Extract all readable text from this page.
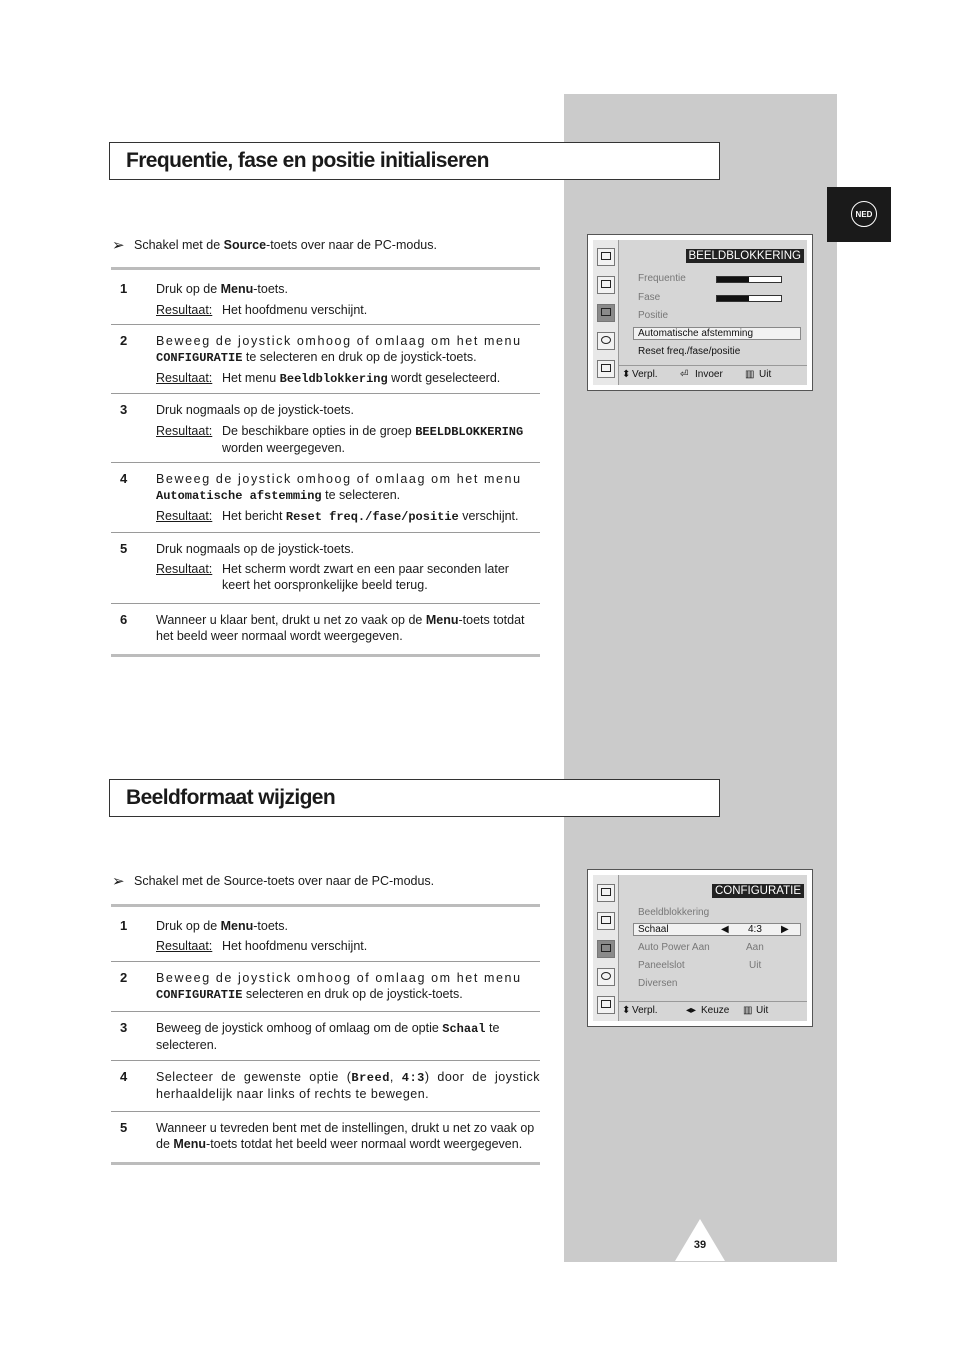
NED
Frequentie, fase en positie initialiseren
➢ Schakel met de Source-toets over naar de PC-modus.
1 Druk op de Menu-toets.
Resultaat: Het hoofdmenu verschijnt.
2 Beweeg de joystick omhoog of omlaag om het menu
CONFIGURATIE te selecteren en druk op de joystick-toets.
Resultaat: Het menu Beeldblokkering wordt geselecteerd.
3 Druk nogmaals op de joystick-toets.
Resultaat: De beschikbare opties in de groep BEELDBLOKKERING worden weergegeven.
4 Beweeg de joystick omhoog of omlaag om het menu
Automatische afstemming te selecteren.
Resultaat: Het bericht Reset freq./fase/positie verschijnt.
5 Druk nogmaals op de joystick-toets.
Resultaat: Het scherm wordt zwart en een paar seconden later keert het oorspronkelijke beeld terug.
6 Wanneer u klaar bent, drukt u net zo vaak op de Menu-toets totdat het beeld weer normaal wordt weergegeven.
BEELDBLOKKERING
Frequentie
Fase
Positie
Automatische afstemming
Reset freq./fase/positie
⬍ Verpl. ⏎ Invoer ▥ Uit
Beeldformaat wijzigen
➢ Schakel met de Source-toets over naar de PC-modus.
1 Druk op de Menu-toets.
Resultaat: Het hoofdmenu verschijnt.
2 Beweeg de joystick omhoog of omlaag om het menu
CONFIGURATIE selecteren en druk op de joystick-toets.
3 Beweeg de joystick omhoog of omlaag om de optie Schaal te selecteren.
4 Selecteer de gewenste optie (Breed, 4:3) door de joystick herhaaldelijk naar links of rechts te bewegen.
5 Wanneer u tevreden bent met de instellingen, drukt u net zo vaak op de Menu-toets totdat het beeld weer normaal wordt weergegeven.
CONFIGURATIE
Beeldblokkering
Schaal	◀ 4:3 ▶
Auto Power Aan	Aan
Paneelslot	Uit
Diversen
⬍ Verpl.	◂▸ Keuze ▥ Uit
39
